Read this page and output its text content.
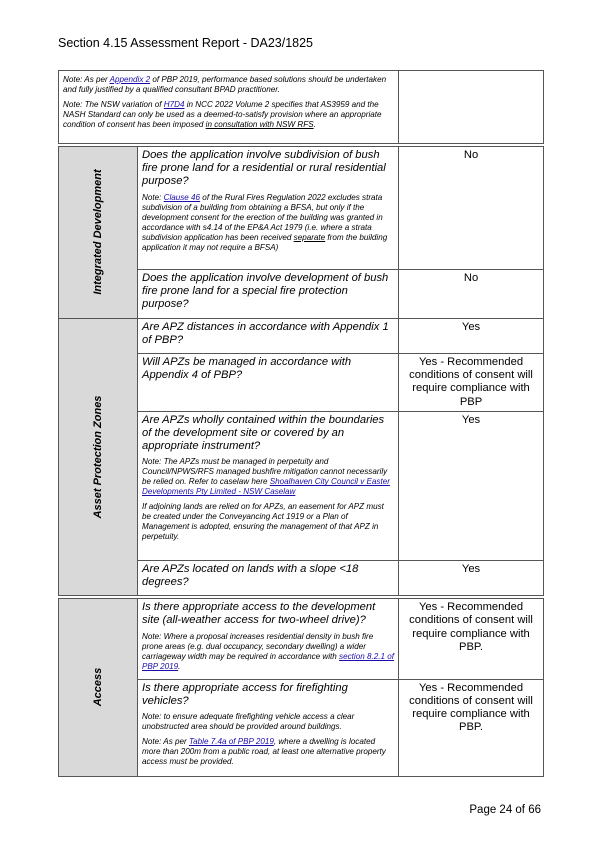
Section 4.15 Assessment Report - DA23/1825

Note: As per Appendix 2 of PBP 2019, performance based solutions should be undertaken and fully justified by a qualified consultant BPAD practitioner.

Note: The NSW variation of H7D4 in NCC 2022 Volume 2 specifies that AS3959 and the NASH Standard can only be used as a deemed-to-satisfy provision where an appropriate condition of consent has been imposed in consultation with NSW RFS.		

Integrated Development	Does the application involve subdivision of bush fire prone land for a residential or rural residential purpose?

Note: Clause 46 of the Rural Fires Regulation 2022 excludes strata subdivision of a building from obtaining a BFSA, but only if the development consent for the erection of the building was granted in accordance with s4.14 of the EP&A Act 1979 (i.e. where a strata subdivision application has been received separate from the building application it may not require a BFSA)	No

	Does the application involve development of bush fire prone land for a special fire protection purpose?	No

Asset Protection Zones	Are APZ distances in accordance with Appendix 1 of PBP?	Yes

	Will APZs be managed in accordance with Appendix 4 of PBP?	Yes - Recommended conditions of consent will require compliance with PBP

	Are APZs wholly contained within the boundaries of the development site or covered by an appropriate instrument?

Note: The APZs must be managed in perpetuity and Council/NPWS/RFS managed bushfire mitigation cannot necessarily be relied on. Refer to caselaw here Shoalhaven City Council v Easter Developments Pty Limited - NSW Caselaw

If adjoining lands are relied on for APZs, an easement for APZ must be created under the Conveyancing Act 1919 or a Plan of Management is adopted, ensuring the management of that APZ in perpetuity.	Yes

	Are APZs located on lands with a slope <18 degrees?	Yes

Access	Is there appropriate access to the development site (all-weather access for two-wheel drive)?

Note: Where a proposal increases residential density in bush fire prone areas (e.g. dual occupancy, secondary dwelling) a wider carriageway width may be required in accordance with section 8.2.1 of PBP 2019.	Yes - Recommended conditions of consent will require compliance with PBP.

	Is there appropriate access for firefighting vehicles?

Note: to ensure adequate firefighting vehicle access a clear unobstructed area should be provided around buildings.

Note: As per Table 7.4a of PBP 2019, where a dwelling is located more than 200m from a public road, at least one alternative property access must be provided.	Yes - Recommended conditions of consent will require compliance with PBP.
Page 24 of 66
